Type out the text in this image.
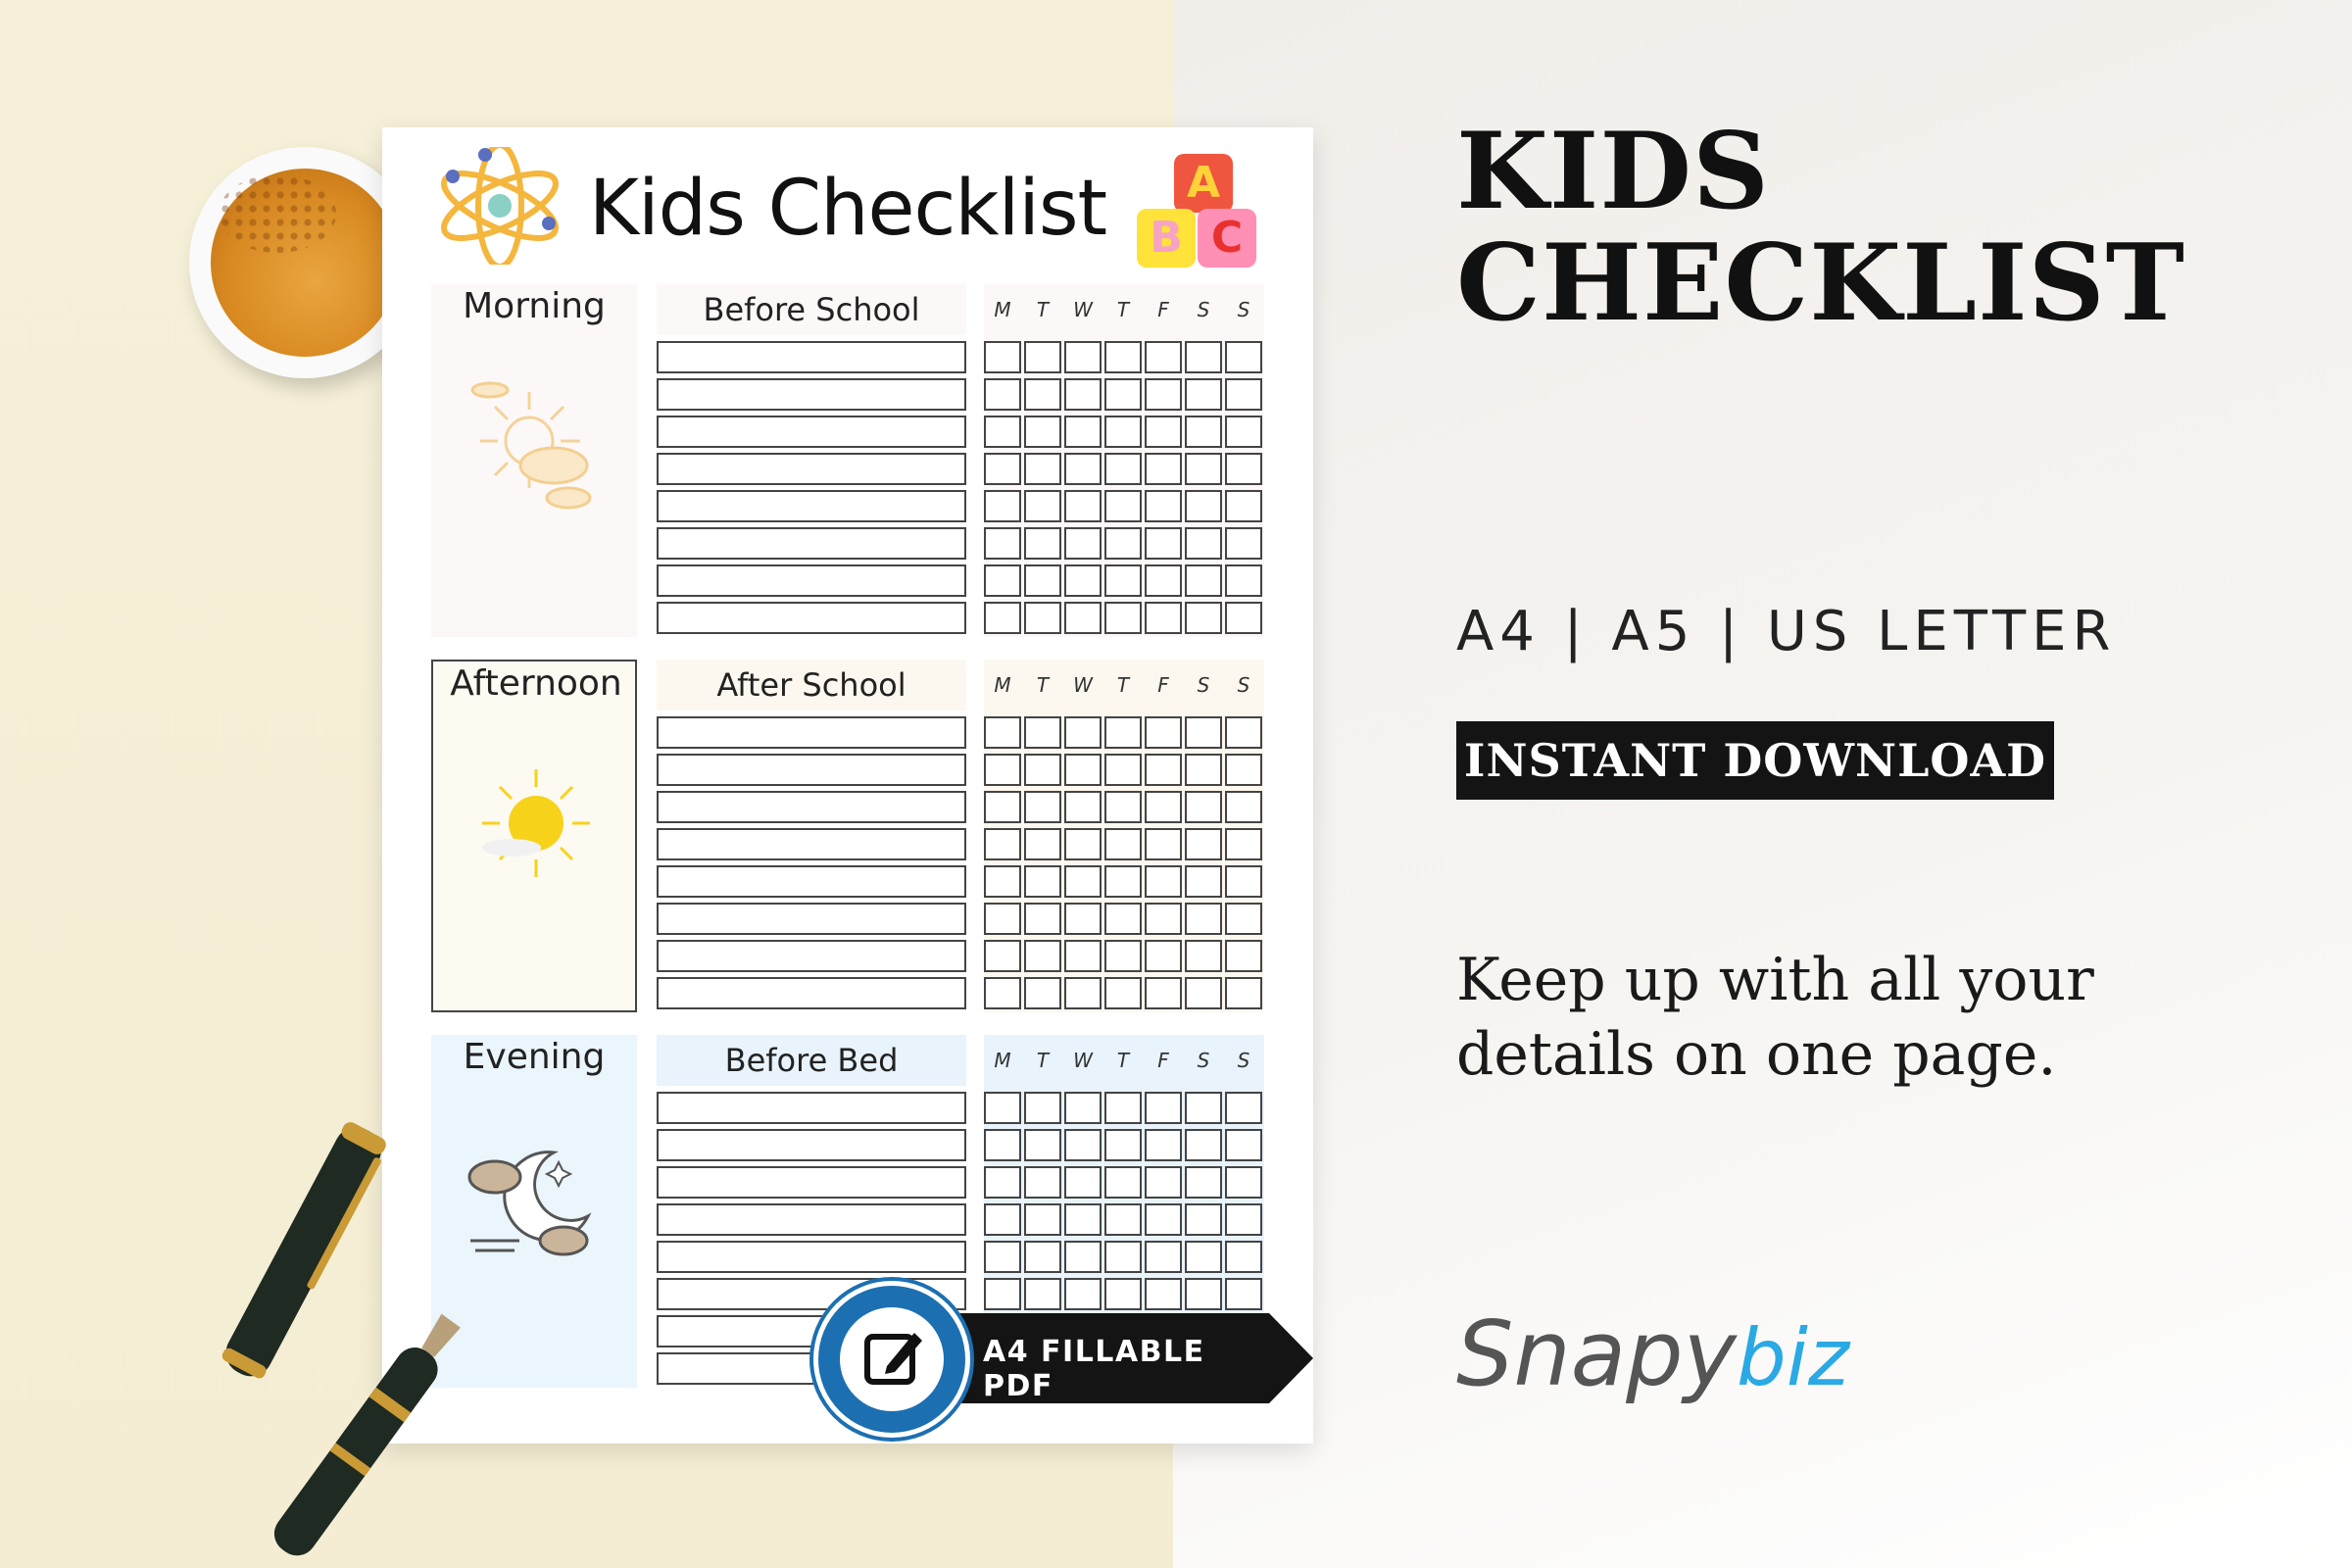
Kids Checklist	A
B C
Morning	Before School	M	T	W	T	F	S	S
Afternoon	After School	M	T	W	T	F	S	S
Evening	Before Bed	M	T	W	T	F	S	S
A4 FILLABLE PDF
KIDS
CHECKLIST
A4 | A5 | US LETTER
INSTANT DOWNLOAD
Keep up with all your
details on one page.
Snapybiz
